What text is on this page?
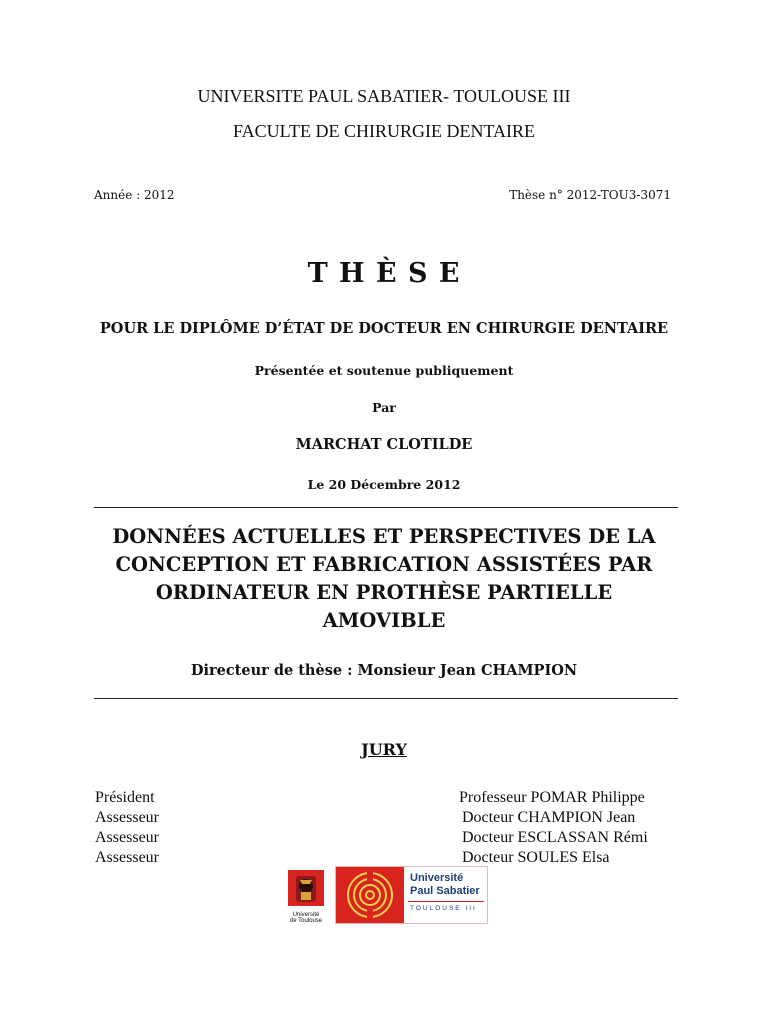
UNIVERSITE PAUL SABATIER- TOULOUSE III
FACULTE DE CHIRURGIE DENTAIRE
Année : 2012	Thèse n° 2012-TOU3-3071
T H È S E
POUR LE DIPLÔME D’ÉTAT DE DOCTEUR EN CHIRURGIE DENTAIRE
Présentée et soutenue publiquement
Par
MARCHAT CLOTILDE
Le 20 Décembre 2012
DONNÉES ACTUELLES ET PERSPECTIVES DE LA
CONCEPTION ET FABRICATION ASSISTÉES PAR
ORDINATEUR EN PROTHÈSE PARTIELLE
AMOVIBLE
Directeur de thèse : Monsieur Jean CHAMPION
JURY
Président
Assesseur
Assesseur
Assesseur
Professeur POMAR Philippe
Docteur CHAMPION Jean
Docteur ESCLASSAN Rémi
Docteur SOULES Elsa
Université
de Toulouse
Université
Paul Sabatier
TOULOUSE III
